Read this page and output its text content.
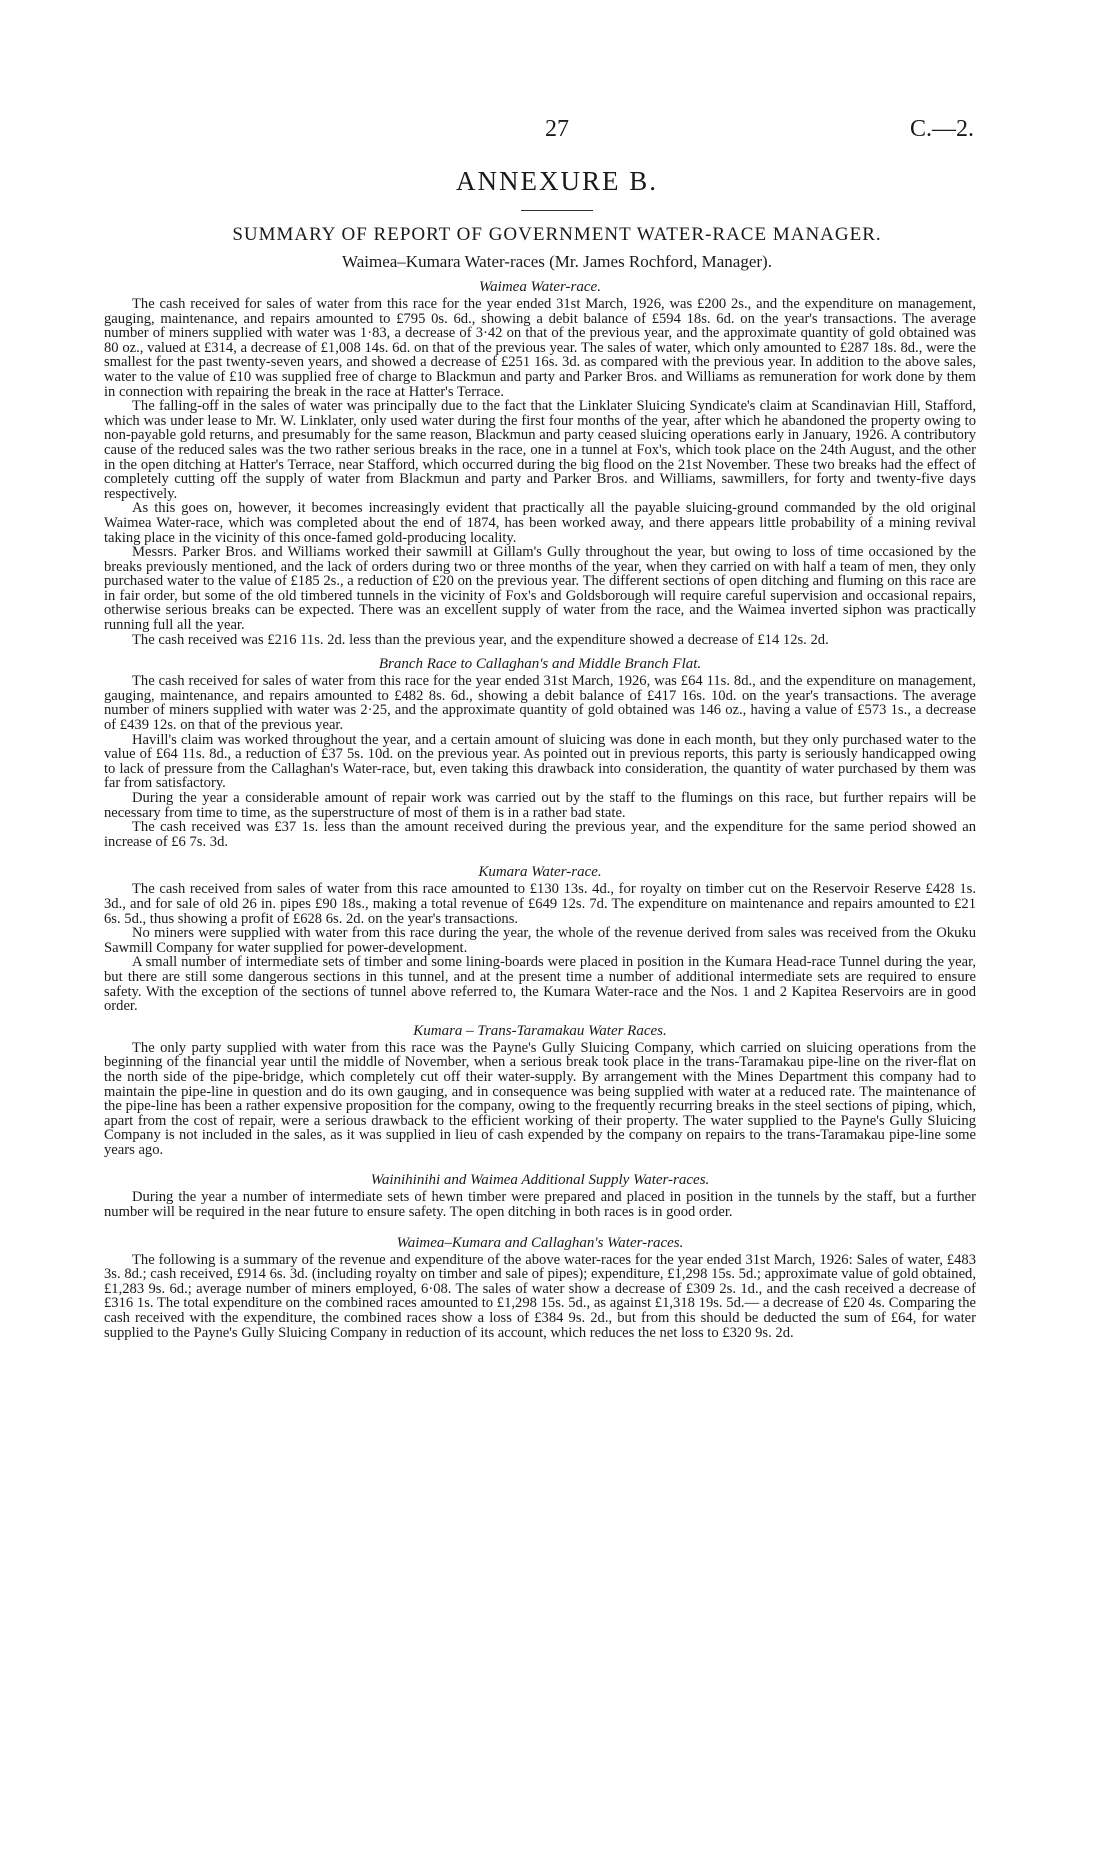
27	C.—2.
ANNEXURE B.
SUMMARY OF REPORT OF GOVERNMENT WATER-RACE MANAGER.
Waimea–Kumara Water-races (Mr. James Rochford, Manager).
Waimea Water-race.

The cash received for sales of water from this race for the year ended 31st March, 1926, was £200 2s., and the expenditure on management, gauging, maintenance, and repairs amounted to £795 0s. 6d., showing a debit balance of £594 18s. 6d. on the year's transactions. The average number of miners supplied with water was 1·83, a decrease of 3·42 on that of the previous year, and the approximate quantity of gold obtained was 80 oz., valued at £314, a decrease of £1,008 14s. 6d. on that of the previous year. The sales of water, which only amounted to £287 18s. 8d., were the smallest for the past twenty-seven years, and showed a decrease of £251 16s. 3d. as compared with the previous year. In addition to the above sales, water to the value of £10 was supplied free of charge to Blackmun and party and Parker Bros. and Williams as remuneration for work done by them in connection with repairing the break in the race at Hatter's Terrace.

The falling-off in the sales of water was principally due to the fact that the Linklater Sluicing Syndicate's claim at Scandinavian Hill, Stafford, which was under lease to Mr. W. Linklater, only used water during the first four months of the year, after which he abandoned the property owing to non-payable gold returns, and presumably for the same reason, Blackmun and party ceased sluicing operations early in January, 1926. A contributory cause of the reduced sales was the two rather serious breaks in the race, one in a tunnel at Fox's, which took place on the 24th August, and the other in the open ditching at Hatter's Terrace, near Stafford, which occurred during the big flood on the 21st November. These two breaks had the effect of completely cutting off the supply of water from Blackmun and party and Parker Bros. and Williams, sawmillers, for forty and twenty-five days respectively.

As this goes on, however, it becomes increasingly evident that practically all the payable sluicing-ground commanded by the old original Waimea Water-race, which was completed about the end of 1874, has been worked away, and there appears little probability of a mining revival taking place in the vicinity of this once-famed gold-producing locality.

Messrs. Parker Bros. and Williams worked their sawmill at Gillam's Gully throughout the year, but owing to loss of time occasioned by the breaks previously mentioned, and the lack of orders during two or three months of the year, when they carried on with half a team of men, they only purchased water to the value of £185 2s., a reduction of £20 on the previous year. The different sections of open ditching and fluming on this race are in fair order, but some of the old timbered tunnels in the vicinity of Fox's and Goldsborough will require careful supervision and occasional repairs, otherwise serious breaks can be expected. There was an excellent supply of water from the race, and the Waimea inverted siphon was practically running full all the year.

The cash received was £216 11s. 2d. less than the previous year, and the expenditure showed a decrease of £14 12s. 2d.

Branch Race to Callaghan's and Middle Branch Flat.

The cash received for sales of water from this race for the year ended 31st March, 1926, was £64 11s. 8d., and the expenditure on management, gauging, maintenance, and repairs amounted to £482 8s. 6d., showing a debit balance of £417 16s. 10d. on the year's transactions. The average number of miners supplied with water was 2·25, and the approximate quantity of gold obtained was 146 oz., having a value of £573 1s., a decrease of £439 12s. on that of the previous year.

Havill's claim was worked throughout the year, and a certain amount of sluicing was done in each month, but they only purchased water to the value of £64 11s. 8d., a reduction of £37 5s. 10d. on the previous year. As pointed out in previous reports, this party is seriously handicapped owing to lack of pressure from the Callaghan's Water-race, but, even taking this drawback into consideration, the quantity of water purchased by them was far from satisfactory.

During the year a considerable amount of repair work was carried out by the staff to the flumings on this race, but further repairs will be necessary from time to time, as the superstructure of most of them is in a rather bad state.

The cash received was £37 1s. less than the amount received during the previous year, and the expenditure for the same period showed an increase of £6 7s. 3d.

Kumara Water-race.

The cash received from sales of water from this race amounted to £130 13s. 4d., for royalty on timber cut on the Reservoir Reserve £428 1s. 3d., and for sale of old 26 in. pipes £90 18s., making a total revenue of £649 12s. 7d. The expenditure on maintenance and repairs amounted to £21 6s. 5d., thus showing a profit of £628 6s. 2d. on the year's transactions.

No miners were supplied with water from this race during the year, the whole of the revenue derived from sales was received from the Okuku Sawmill Company for water supplied for power-development.

A small number of intermediate sets of timber and some lining-boards were placed in position in the Kumara Head-race Tunnel during the year, but there are still some dangerous sections in this tunnel, and at the present time a number of additional intermediate sets are required to ensure safety. With the exception of the sections of tunnel above referred to, the Kumara Water-race and the Nos. 1 and 2 Kapitea Reservoirs are in good order.

Kumara – Trans-Taramakau Water Races.

The only party supplied with water from this race was the Payne's Gully Sluicing Company, which carried on sluicing operations from the beginning of the financial year until the middle of November, when a serious break took place in the trans-Taramakau pipe-line on the river-flat on the north side of the pipe-bridge, which completely cut off their water-supply. By arrangement with the Mines Department this company had to maintain the pipe-line in question and do its own gauging, and in consequence was being supplied with water at a reduced rate. The maintenance of the pipe-line has been a rather expensive proposition for the company, owing to the frequently recurring breaks in the steel sections of piping, which, apart from the cost of repair, were a serious drawback to the efficient working of their property. The water supplied to the Payne's Gully Sluicing Company is not included in the sales, as it was supplied in lieu of cash expended by the company on repairs to the trans-Taramakau pipe-line some years ago.

Wainihinihi and Waimea Additional Supply Water-races.

During the year a number of intermediate sets of hewn timber were prepared and placed in position in the tunnels by the staff, but a further number will be required in the near future to ensure safety. The open ditching in both races is in good order.

Waimea–Kumara and Callaghan's Water-races.

The following is a summary of the revenue and expenditure of the above water-races for the year ended 31st March, 1926: Sales of water, £483 3s. 8d.; cash received, £914 6s. 3d. (including royalty on timber and sale of pipes); expenditure, £1,298 15s. 5d.; approximate value of gold obtained, £1,283 9s. 6d.; average number of miners employed, 6·08. The sales of water show a decrease of £309 2s. 1d., and the cash received a decrease of £316 1s. The total expenditure on the combined races amounted to £1,298 15s. 5d., as against £1,318 19s. 5d.— a decrease of £20 4s. Comparing the cash received with the expenditure, the combined races show a loss of £384 9s. 2d., but from this should be deducted the sum of £64, for water supplied to the Payne's Gully Sluicing Company in reduction of its account, which reduces the net loss to £320 9s. 2d.
